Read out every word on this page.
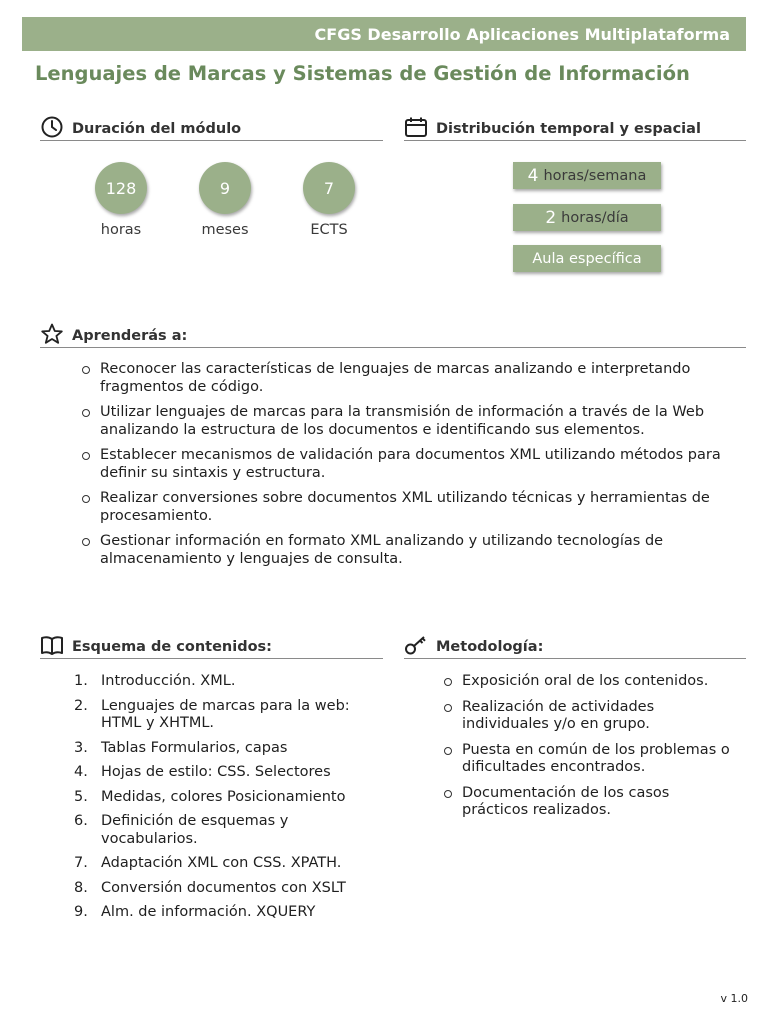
CFGS Desarrollo Aplicaciones Multiplataforma
Lenguajes de Marcas y Sistemas de Gestión de Información
Duración del módulo
128
horas
9
meses
7
ECTS
Distribución temporal y espacial
4 horas/semana
2 horas/día
Aula específica
Aprenderás a:
Reconocer las características de lenguajes de marcas analizando e interpretando fragmentos de código.
Utilizar lenguajes de marcas para la transmisión de información a través de la Web analizando la estructura de los documentos e identificando sus elementos.
Establecer mecanismos de validación para documentos XML utilizando métodos para definir su sintaxis y estructura.
Realizar conversiones sobre documentos XML utilizando técnicas y herramientas de procesamiento.
Gestionar información en formato XML analizando y utilizando tecnologías de almacenamiento y lenguajes de consulta.
Esquema de contenidos:
1. Introducción. XML.
2. Lenguajes de marcas para la web: HTML y XHTML.
3. Tablas Formularios, capas
4. Hojas de estilo: CSS. Selectores
5. Medidas, colores Posicionamiento
6. Definición de esquemas y vocabularios.
7. Adaptación XML con CSS. XPATH.
8. Conversión documentos con XSLT
9. Alm. de información. XQUERY
Metodología:
Exposición oral de los contenidos.
Realización de actividades individuales y/o en grupo.
Puesta en común de los problemas o dificultades encontrados.
Documentación de los casos prácticos realizados.
v 1.0
